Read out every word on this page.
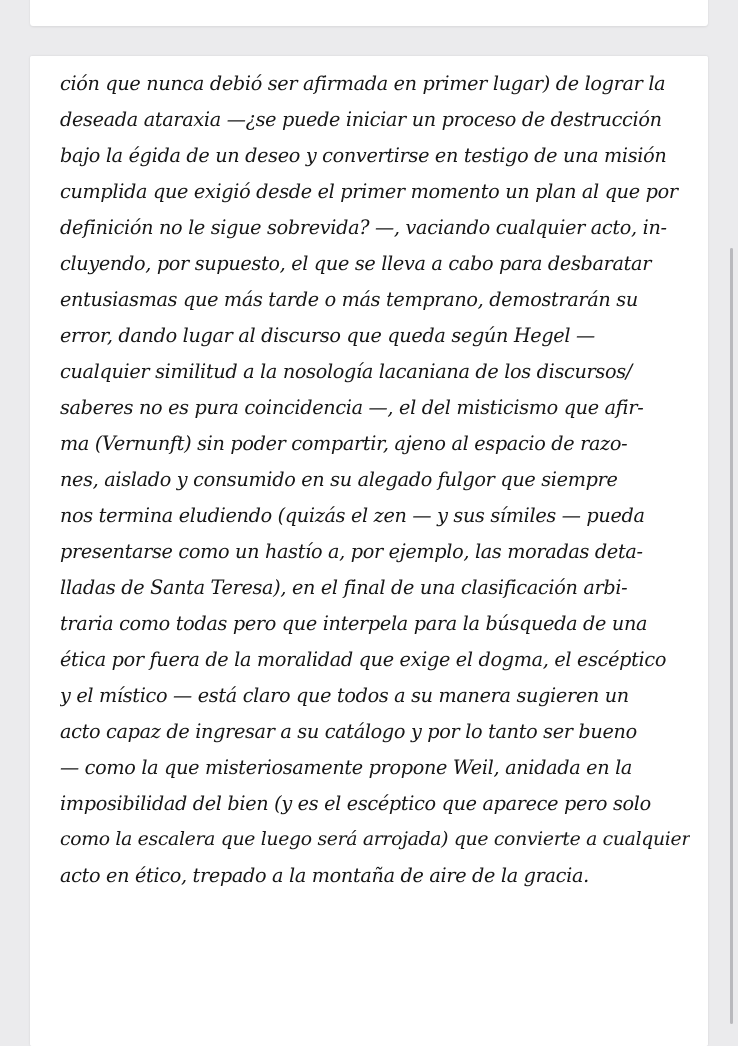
ción que nunca debió ser afirmada en primer lugar) de lograr la
deseada ataraxia —¿se puede iniciar un proceso de destrucción
bajo la égida de un deseo y convertirse en testigo de una misión
cumplida que exigió desde el primer momento un plan al que por
definición no le sigue sobrevida? —, vaciando cualquier acto, in-
cluyendo, por supuesto, el que se lleva a cabo para desbaratar
entusiasmas que más tarde o más temprano, demostrarán su
error, dando lugar al discurso que queda según Hegel —
cualquier similitud a la nosología lacaniana de los discursos/
saberes no es pura coincidencia —, el del misticismo que afir-
ma (Vernunft) sin poder compartir, ajeno al espacio de razo-
nes, aislado y consumido en su alegado fulgor que siempre
nos termina eludiendo (quizás el zen — y sus símiles — pueda
presentarse como un hastío a, por ejemplo, las moradas deta-
lladas de Santa Teresa), en el final de una clasificación arbi-
traria como todas pero que interpela para la búsqueda de una
ética por fuera de la moralidad que exige el dogma, el escéptico
y el místico — está claro que todos a su manera sugieren un
acto capaz de ingresar a su catálogo y por lo tanto ser bueno
— como la que misteriosamente propone Weil, anidada en la
imposibilidad del bien (y es el escéptico que aparece pero solo
como la escalera que luego será arrojada) que convierte a cualquier
acto en ético, trepado a la montaña de aire de la gracia.
